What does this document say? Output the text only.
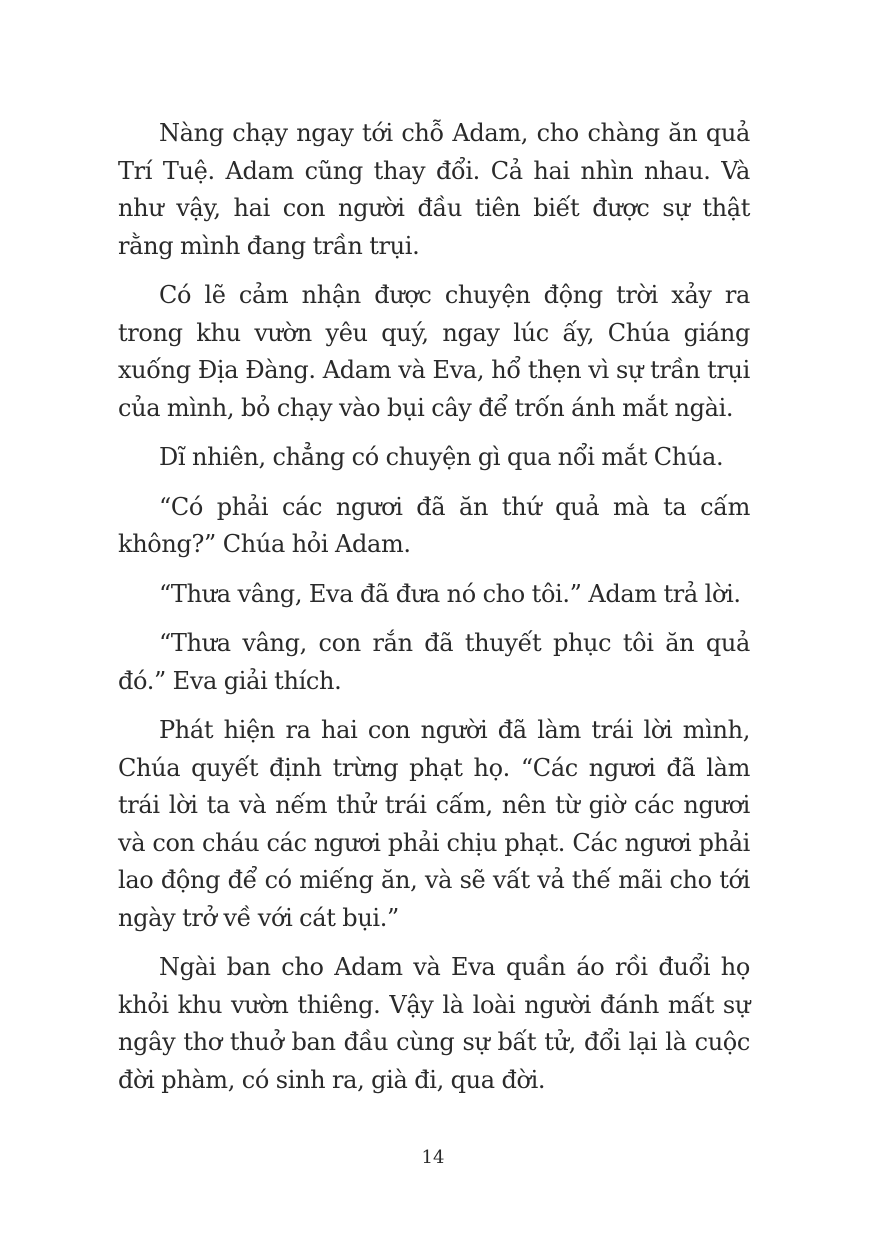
Nàng chạy ngay tới chỗ Adam, cho chàng ăn quả Trí Tuệ. Adam cũng thay đổi. Cả hai nhìn nhau. Và như vậy, hai con người đầu tiên biết được sự thật rằng mình đang trần trụi.

Có lẽ cảm nhận được chuyện động trời xảy ra trong khu vườn yêu quý, ngay lúc ấy, Chúa giáng xuống Địa Đàng. Adam và Eva, hổ thẹn vì sự trần trụi của mình, bỏ chạy vào bụi cây để trốn ánh mắt ngài.

Dĩ nhiên, chẳng có chuyện gì qua nổi mắt Chúa.

“Có phải các ngươi đã ăn thứ quả mà ta cấm không?” Chúa hỏi Adam.

“Thưa vâng, Eva đã đưa nó cho tôi.” Adam trả lời.

“Thưa vâng, con rắn đã thuyết phục tôi ăn quả đó.” Eva giải thích.

Phát hiện ra hai con người đã làm trái lời mình, Chúa quyết định trừng phạt họ. “Các ngươi đã làm trái lời ta và nếm thử trái cấm, nên từ giờ các ngươi và con cháu các ngươi phải chịu phạt. Các ngươi phải lao động để có miếng ăn, và sẽ vất vả thế mãi cho tới ngày trở về với cát bụi.”

Ngài ban cho Adam và Eva quần áo rồi đuổi họ khỏi khu vườn thiêng. Vậy là loài người đánh mất sự ngây thơ thuở ban đầu cùng sự bất tử, đổi lại là cuộc đời phàm, có sinh ra, già đi, qua đời.

14
